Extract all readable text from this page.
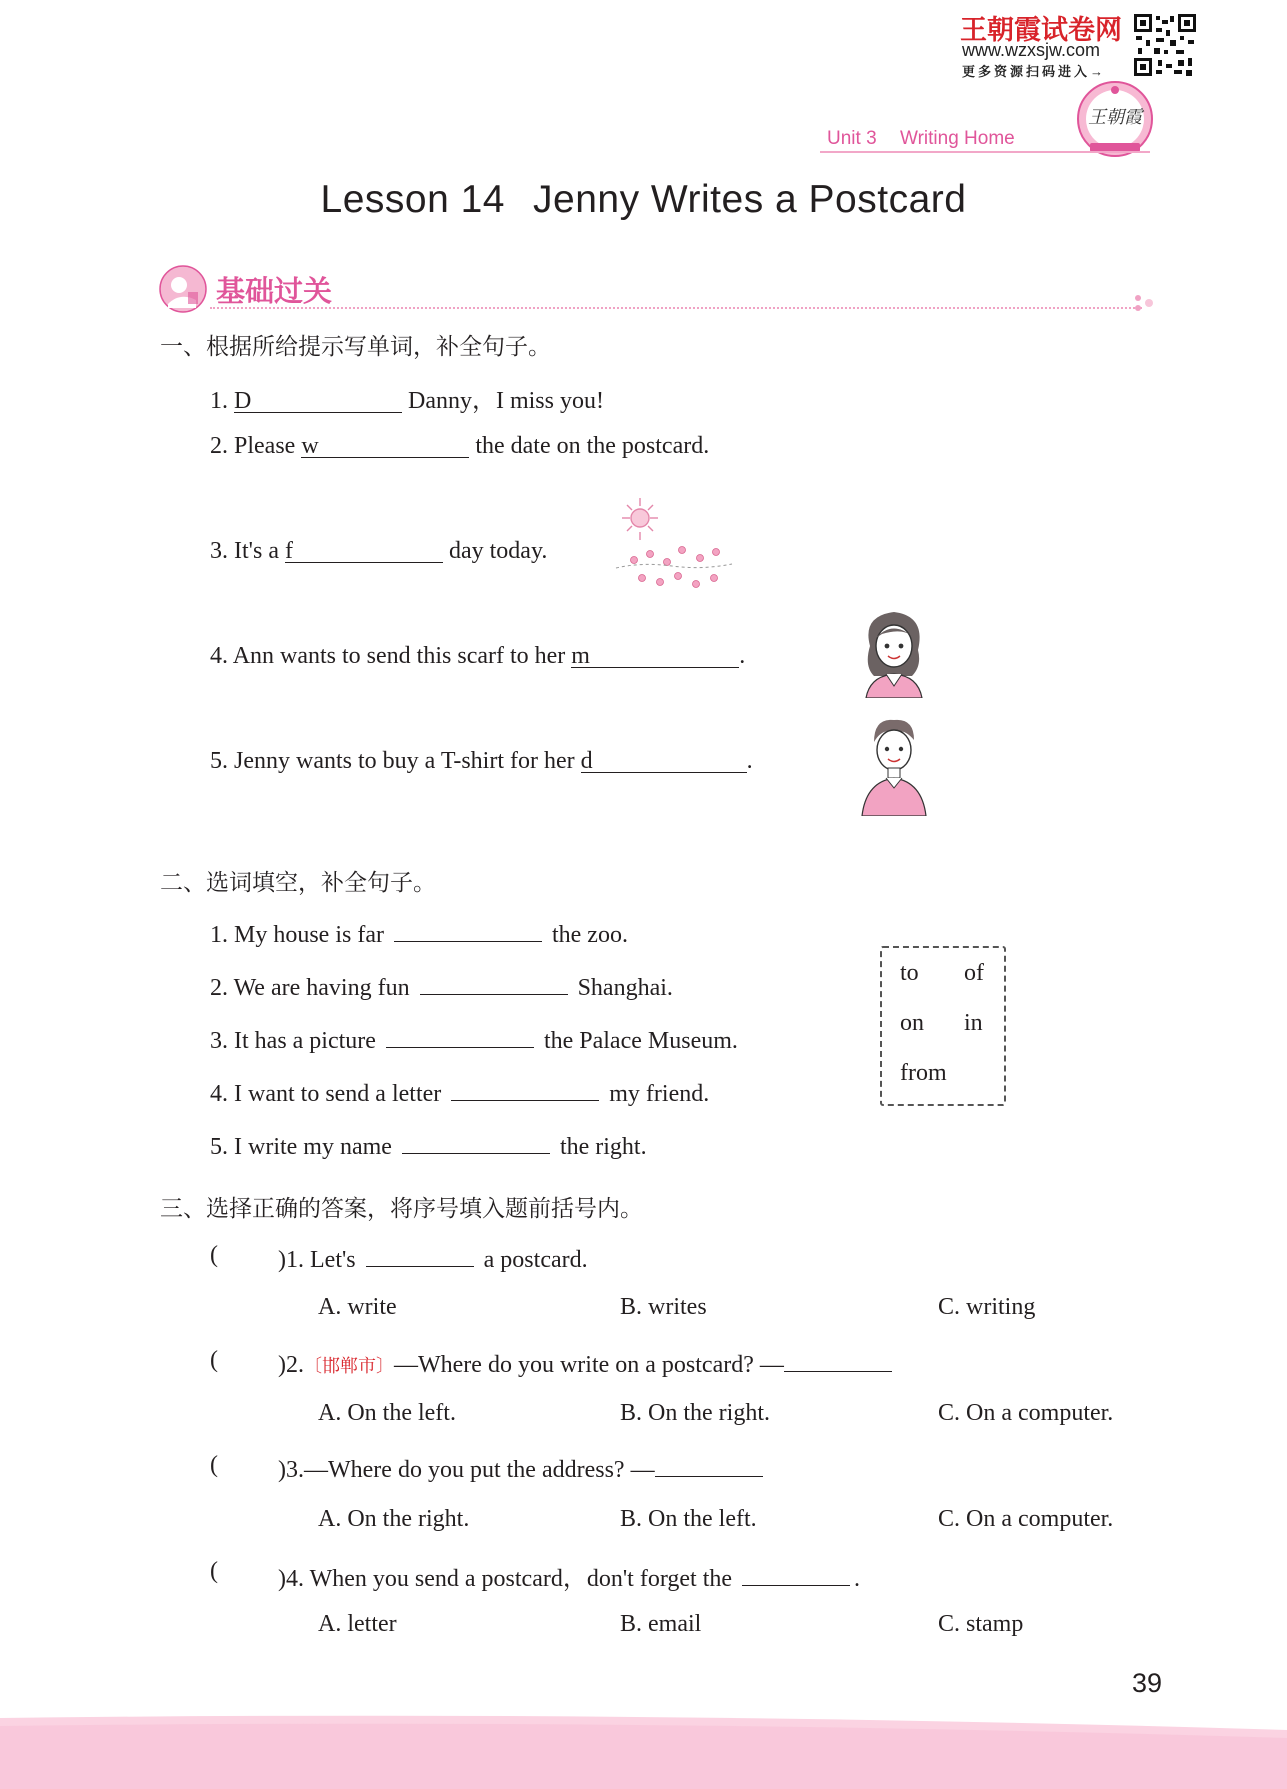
王朝霞试卷网
www.wzxsjw.com
更多资源扫码进入→
王朝霞
Unit 3 Writing Home
Lesson 14 Jenny Writes a Postcard
基础过关
一、根据所给提示写单词，补全句子。
1. D	Danny，I miss you!
2. Please w	the date on the postcard.
3. It's a f	day today.
4. Ann wants to send this scarf to her m	.
5. Jenny wants to buy a T-shirt for her d	.
二、选词填空，补全句子。
1. My house is far	the zoo.
2. We are having fun	Shanghai.
3. It has a picture	the Palace Museum.
4. I want to send a letter	my friend.
5. I write my name	the right.
to of
on in
from
三、选择正确的答案，将序号填入题前括号内。
(	)1. Let's	a postcard.
A. write	B. writes	C. writing
(	)2.〔邯郸市〕—Where do you write on a postcard? —
A. On the left.	B. On the right.	C. On a computer.
(	)3.—Where do you put the address? —
A. On the right.	B. On the left.	C. On a computer.
(	)4. When you send a postcard，don't forget the	.
A. letter	B. email	C. stamp
39
